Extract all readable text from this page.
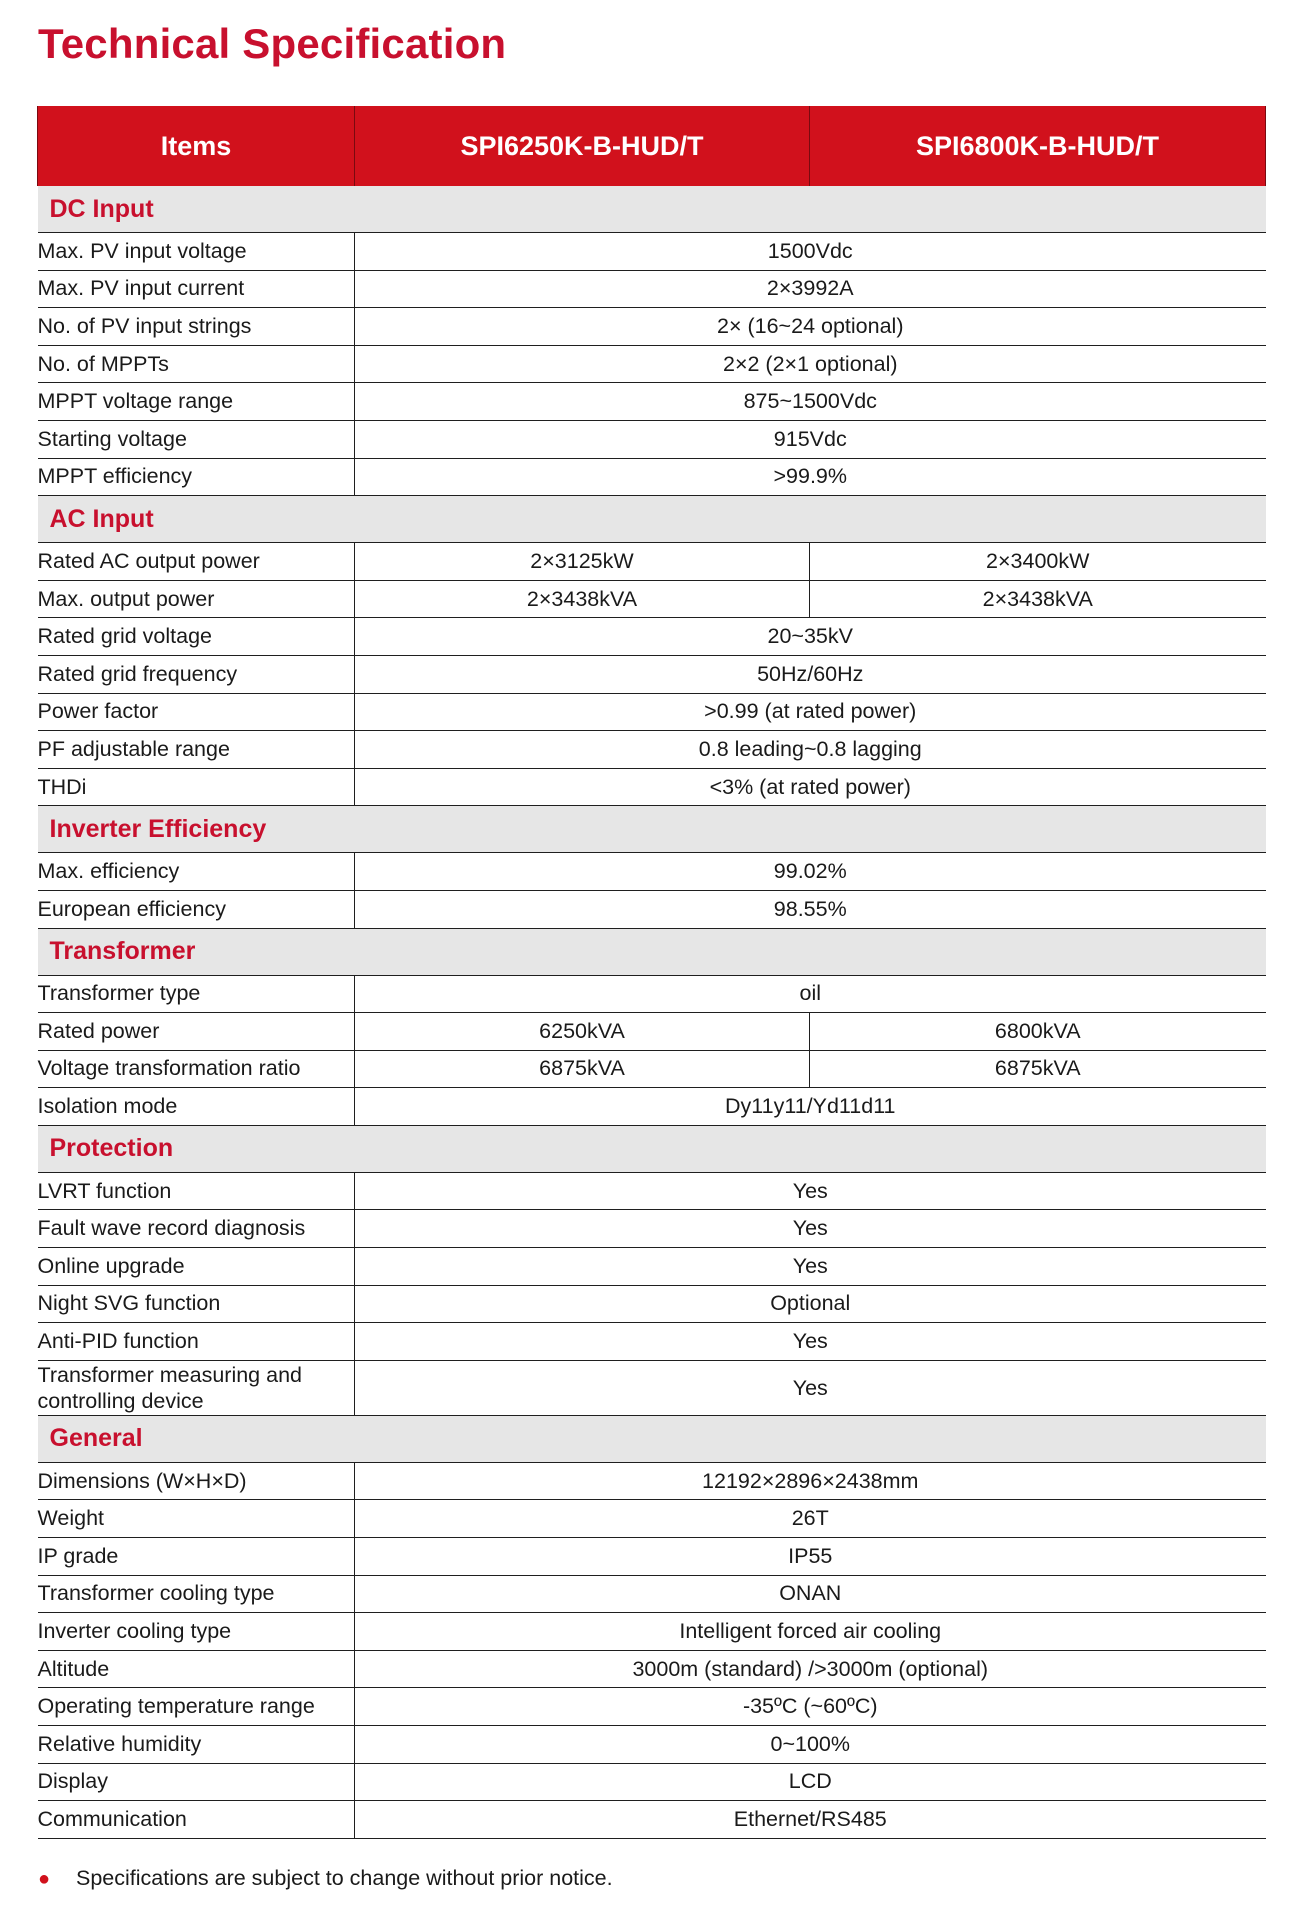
Technical Specification
Items	SPI6250K-B-HUD/T	SPI6800K-B-HUD/T
DC Input		
Max. PV input voltage	1500Vdc	
Max. PV input current	2×3992A	
No. of PV input strings	2× (16~24 optional)	
No. of MPPTs	2×2 (2×1 optional)	
MPPT voltage range	875~1500Vdc	
Starting voltage	915Vdc	
MPPT efficiency	>99.9%	
AC Input		
Rated AC output power	2×3125kW	2×3400kW
Max. output power	2×3438kVA	2×3438kVA
Rated grid voltage	20~35kV	
Rated grid frequency	50Hz/60Hz	
Power factor	>0.99 (at rated power)	
PF adjustable range	0.8 leading~0.8 lagging	
THDi	<3% (at rated power)	
Inverter Efficiency		
Max. efficiency	99.02%	
European efficiency	98.55%	
Transformer		
Transformer type	oil	
Rated power	6250kVA	6800kVA
Voltage transformation ratio	6875kVA	6875kVA
Isolation mode	Dy11y11/Yd11d11	
Protection		
LVRT function	Yes	
Fault wave record diagnosis	Yes	
Online upgrade	Yes	
Night SVG function	Optional	
Anti-PID function	Yes	
Transformer measuring and controlling device	Yes	
General		
Dimensions (W×H×D)	12192×2896×2438mm	
Weight	26T	
IP grade	IP55	
Transformer cooling type	ONAN	
Inverter cooling type	Intelligent forced air cooling	
Altitude	3000m (standard) />3000m (optional)	
Operating temperature range	-35ºC (~60ºC)	
Relative humidity	0~100%	
Display	LCD	
Communication	Ethernet/RS485	
● Specifications are subject to change without prior notice.
